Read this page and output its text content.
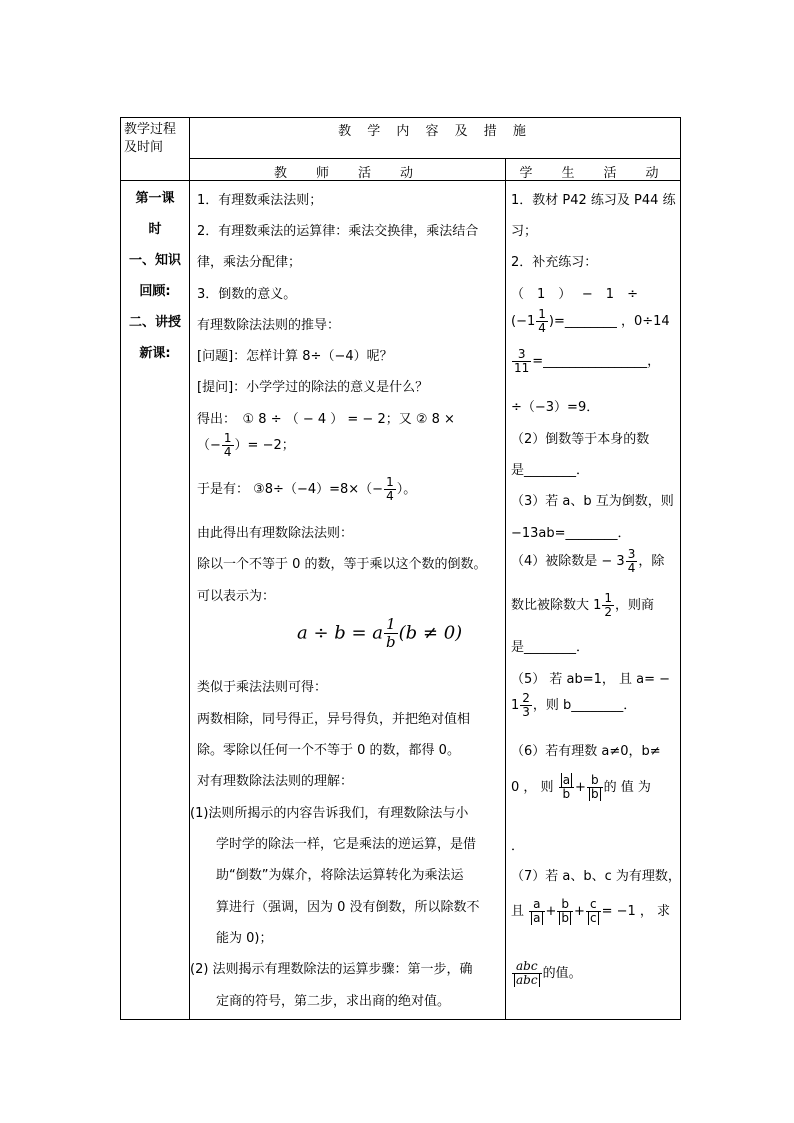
教学过程
及时间
教 学 内 容 及 措 施
教　师　活　动	学　生　活　动
第一课
时
一、知识
回顾:
二、讲授
新课:
1．有理数乘法法则；
2．有理数乘法的运算律：乘法交换律，乘法结合
律，乘法分配律；
3．倒数的意义。
有理数除法法则的推导：
[问题]：怎样计算 8÷（−4）呢？
[提问]：小学学过的除法的意义是什么？
得出：　① 8 ÷ （ − 4 ） = − 2；又 ② 8 ×
（− $\frac{1}{4}$ ）= −2；
于是有： ③8÷（−4）=8×（− $\frac{1}{4}$ ）。
由此得出有理数除法法则：
除以一个不等于 0 的数，等于乘以这个数的倒数。
可以表示为：
a ÷ b = a $\frac{1}{b} (b \ne 0)$
类似于乘法法则可得：
两数相除，同号得正，异号得负，并把绝对值相
除。零除以任何一个不等于 0 的数，都得 0。
对有理数除法法则的理解：
(1)法则所揭示的内容告诉我们，有理数除法与小
学时学的除法一样，它是乘法的逆运算，是借
助“倒数”为媒介，将除法运算转化为乘法运
算进行（强调，因为 0 没有倒数，所以除数不
能为 0)；
(2) 法则揭示有理数除法的运算步骤：第一步，确
定商的符号，第二步，求出商的绝对值。
1．教材 P42 练习及 P44 练
习；
2．补充练习：
（　1　）　 −　1　÷
($-1 \frac{1}{4}$ )=________ ，0÷14
$\frac{3}{11}$ =________________，
÷（−3）=9．
（2）倒数等于本身的数
是________．
（3）若 a、b 互为倒数，则
−13ab=________．
（4）被除数是 − $3 \frac{3}{4}$ ，除
数比被除数大 $1 \frac{1}{2}$ ，则商
是________．
（5） 若 ab=1， 且 a= −
$1 \frac{2}{3}$ ，则 b________．
（6）若有理数 a≠0，b≠
0 ， 则 $\frac{a}{b} + \frac{b}{b}$ 的 值 为
．
（7）若 a、b、c 为有理数，
且 $\frac{a}{a} + \frac{b}{b} + \frac{c}{c} = -1$ ， 求
$\frac{\text{abc}}{\text{abc}}$ 的值。
